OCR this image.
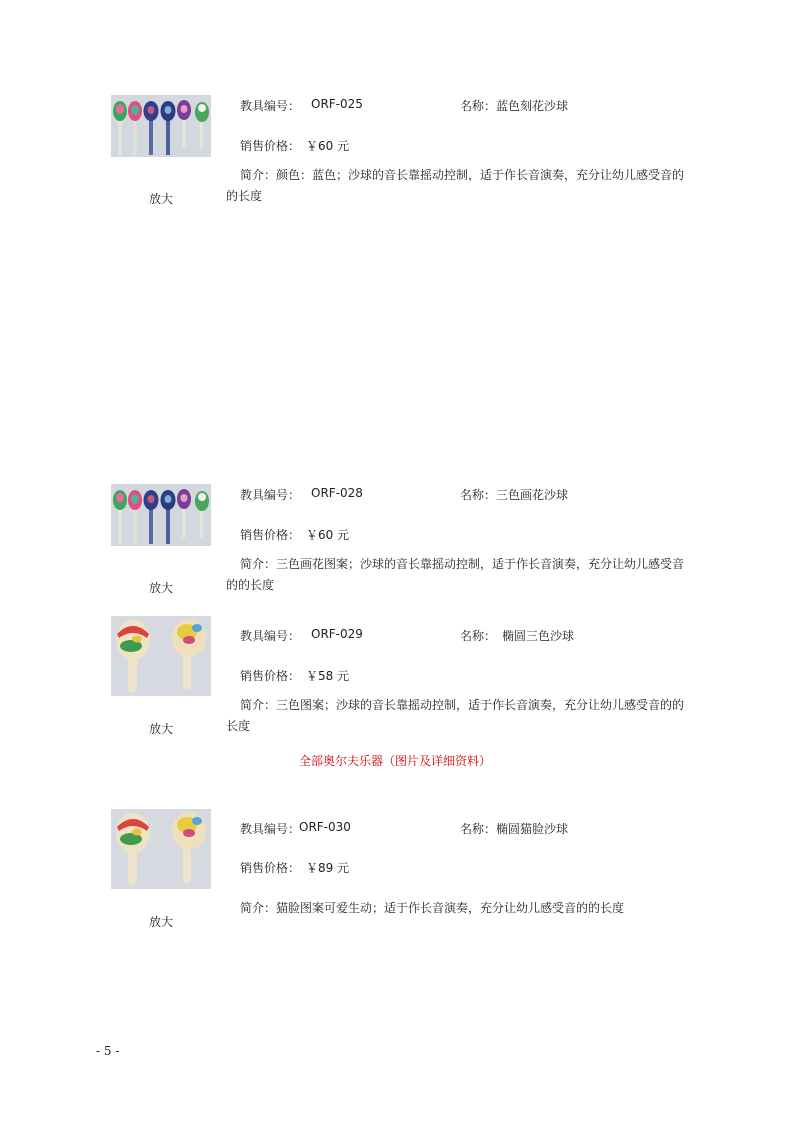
教具编号： ORF-025	名称： 蓝色刻花沙球
销售价格： ￥60 元
简介：颜色：蓝色；沙球的音长靠摇动控制，适于作长音演奏，充分让幼儿感受音的的长度
放大
教具编号： ORF-028	名称： 三色画花沙球
销售价格： ￥60 元
简介：三色画花图案；沙球的音长靠摇动控制，适于作长音演奏，充分让幼儿感受音的的长度
放大
教具编号： ORF-029	名称： 椭圆三色沙球
销售价格： ￥58 元
简介：三色图案；沙球的音长靠摇动控制，适于作长音演奏，充分让幼儿感受音的的长度
放大
全部奥尔夫乐器（图片及详细资料）
教具编号：
ORF-030	名称： 椭圆猫脸沙球
销售价格： ￥89 元
简介：猫脸图案可爱生动；适于作长音演奏，充分让幼儿感受音的的长度
放大
- 5 -
